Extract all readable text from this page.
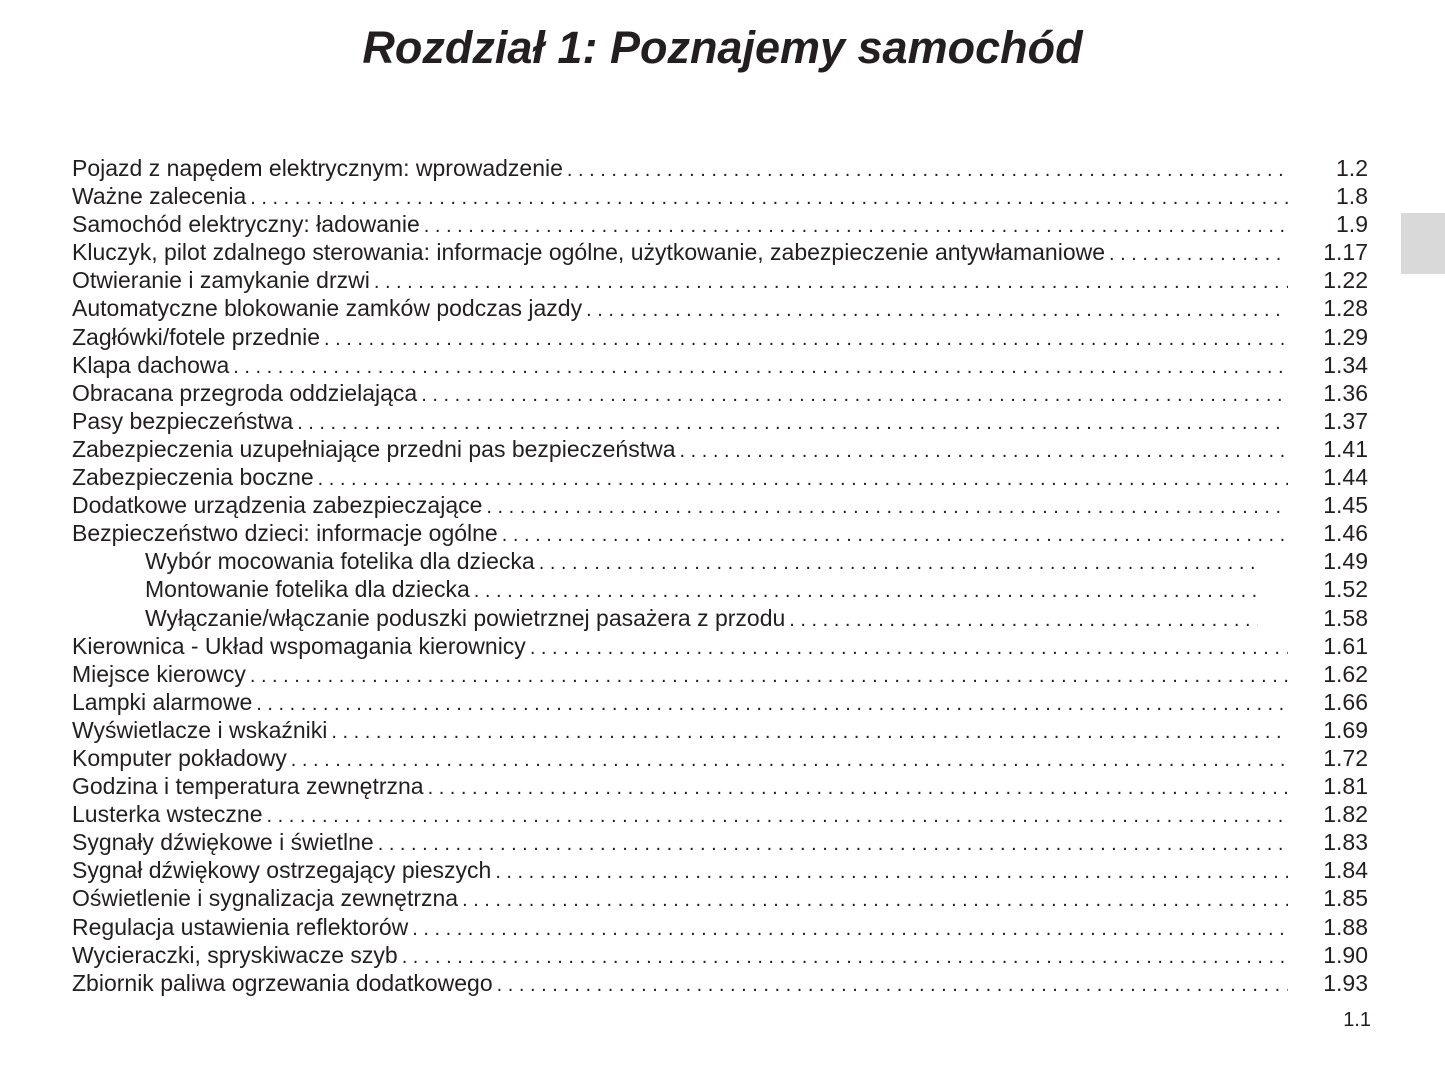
Rozdział 1: Poznajemy samochód
Pojazd z napędem elektrycznym: wprowadzenie . . .	1.2
Ważne zalecenia . . .	1.8
Samochód elektryczny: ładowanie . . .	1.9
Kluczyk, pilot zdalnego sterowania: informacje ogólne, użytkowanie, zabezpieczenie antywłamaniowe . . .	1.17
Otwieranie i zamykanie drzwi . . .	1.22
Automatyczne blokowanie zamków podczas jazdy . . .	1.28
Zagłówki/fotele przednie . . .	1.29
Klapa dachowa . . .	1.34
Obracana przegroda oddzielająca . . .	1.36
Pasy bezpieczeństwa . . .	1.37
Zabezpieczenia uzupełniające przedni pas bezpieczeństwa . . .	1.41
Zabezpieczenia boczne . . .	1.44
Dodatkowe urządzenia zabezpieczające . . .	1.45
Bezpieczeństwo dzieci: informacje ogólne . . .	1.46
Wybór mocowania fotelika dla dziecka . . .	1.49
Montowanie fotelika dla dziecka . . .	1.52
Wyłączanie/włączanie poduszki powietrznej pasażera z przodu . . .	1.58
Kierownica - Układ wspomagania kierownicy . . .	1.61
Miejsce kierowcy . . .	1.62
Lampki alarmowe . . .	1.66
Wyświetlacze i wskaźniki . . .	1.69
Komputer pokładowy . . .	1.72
Godzina i temperatura zewnętrzna . . .	1.81
Lusterka wsteczne . . .	1.82
Sygnały dźwiękowe i świetlne . . .	1.83
Sygnał dźwiękowy ostrzegający pieszych . . .	1.84
Oświetlenie i sygnalizacja zewnętrzna . . .	1.85
Regulacja ustawienia reflektorów . . .	1.88
Wycieraczki, spryskiwacze szyb . . .	1.90
Zbiornik paliwa ogrzewania dodatkowego . . .	1.93
1.1
